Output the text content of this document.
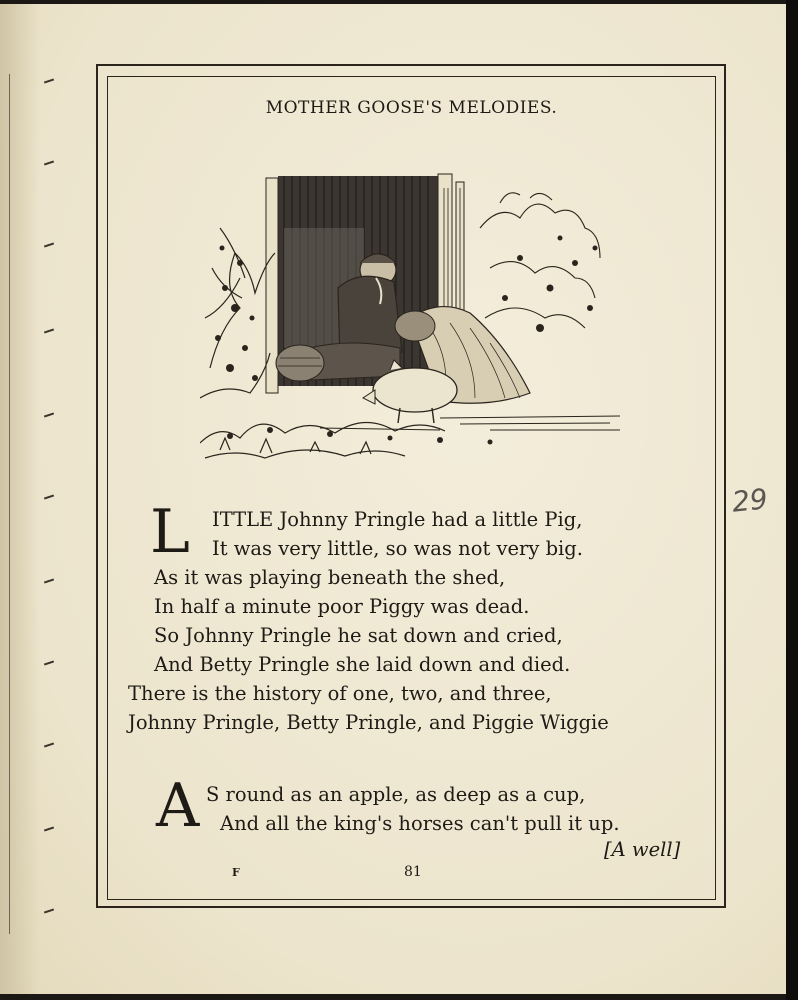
MOTHER GOOSE'S MELODIES.
L ITTLE Johnny Pringle had a little Pig,
It was very little, so was not very big.
As it was playing beneath the shed,
In half a minute poor Piggy was dead.
So Johnny Pringle he sat down and cried,
And Betty Pringle she laid down and died.
There is the history of one, two, and three,
Johnny Pringle, Betty Pringle, and Piggie Wiggie
A S round as an apple, as deep as a cup,
And all the king's horses can't pull it up.
[A well]
F	81
29
